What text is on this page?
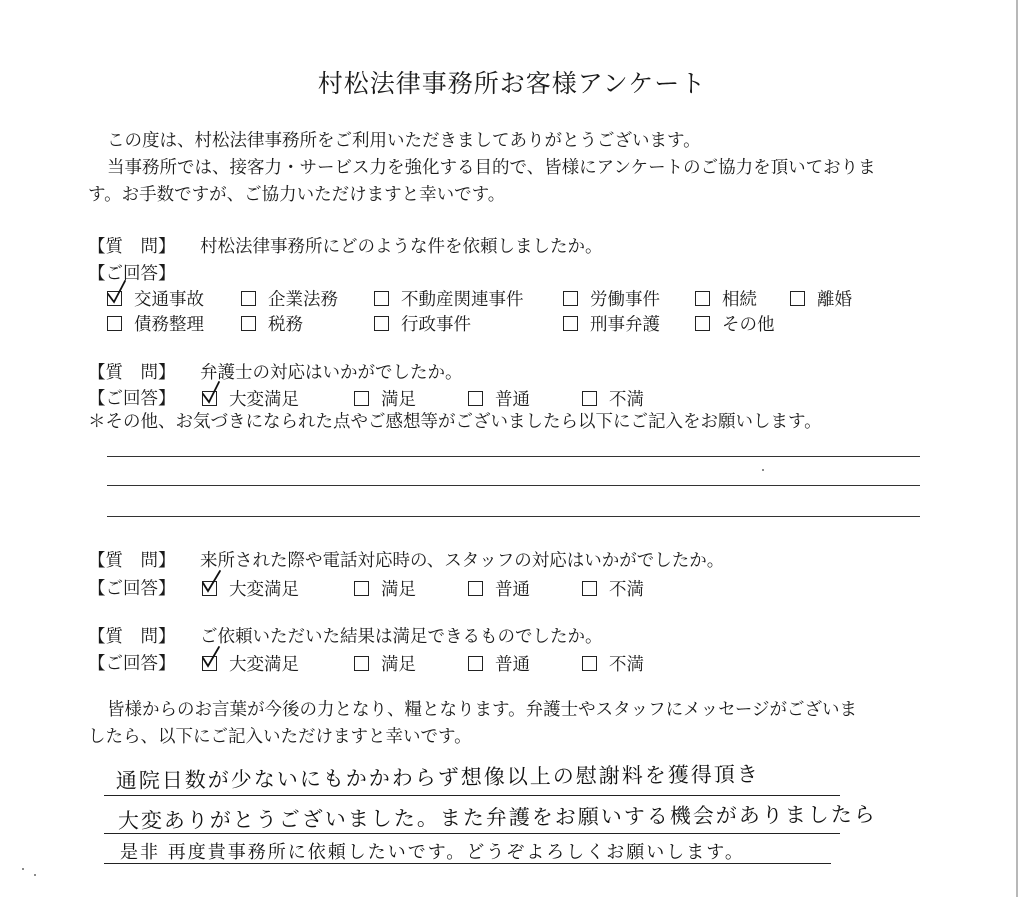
村松法律事務所お客様アンケート
この度は、村松法律事務所をご利用いただきましてありがとうございます。
当事務所では、接客力・サービス力を強化する目的で、皆様にアンケートのご協力を頂いておりま
す。お手数ですが、ご協力いただけますと幸いです。
【質　問】 村松法律事務所にどのような件を依頼しましたか。
【ご回答】
交通事故	企業法務	不動産関連事件	労働事件	相続	離婚
債務整理	税務	行政事件	刑事弁護	その他
【質　問】 弁護士の対応はいかがでしたか。
【ご回答】	大変満足	満足	普通	不満
＊その他、お気づきになられた点やご感想等がございましたら以下にご記入をお願いします。
【質　問】 来所された際や電話対応時の、スタッフの対応はいかがでしたか。
【ご回答】	大変満足	満足	普通	不満
【質　問】 ご依頼いただいた結果は満足できるものでしたか。
【ご回答】	大変満足	満足	普通	不満
皆様からのお言葉が今後の力となり、糧となります。弁護士やスタッフにメッセージがございま
したら、以下にご記入いただけますと幸いです。
通院日数が少ないにもかかわらず想像以上の慰謝料を獲得頂き
大変ありがとうございました。また弁護をお願いする機会がありましたら
是非 再度貴事務所に依頼したいです。どうぞよろしくお願いします。
